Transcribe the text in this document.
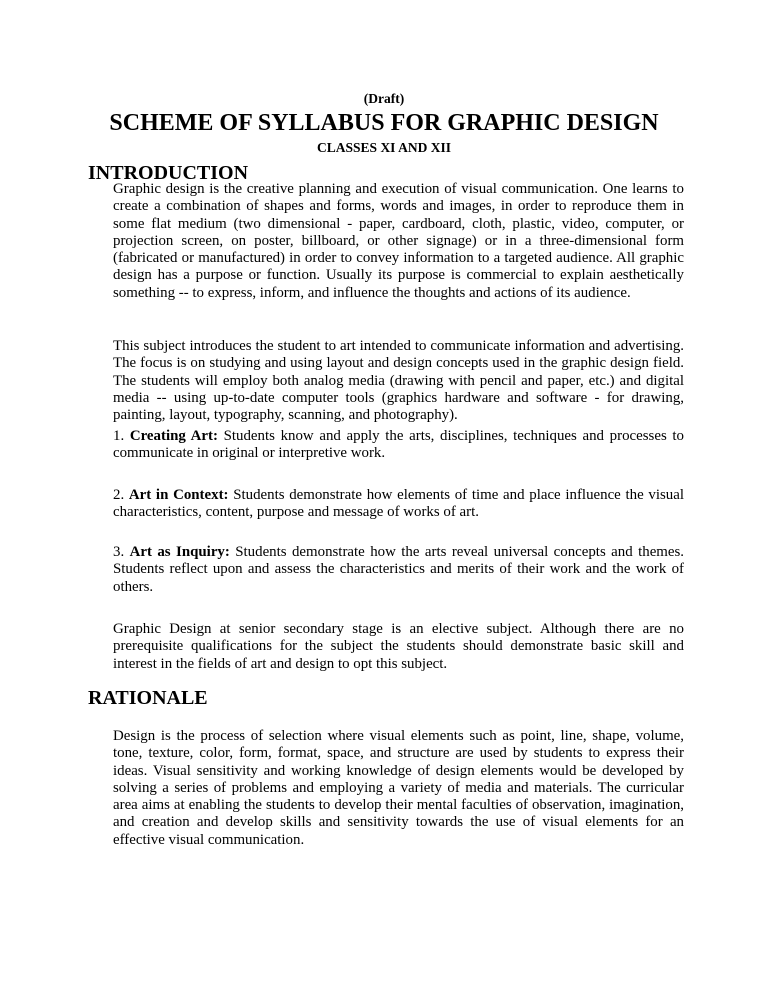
(Draft)
SCHEME OF SYLLABUS FOR GRAPHIC DESIGN
CLASSES XI AND XII
INTRODUCTION

Graphic design is the creative planning and execution of visual communication. One learns to create a combination of shapes and forms, words and images, in order to reproduce them in some flat medium (two dimensional - paper, cardboard, cloth, plastic, video, computer, or projection screen, on poster, billboard, or other signage) or in a three-dimensional form (fabricated or manufactured) in order to convey information to a targeted audience. All graphic design has a purpose or function. Usually its purpose is commercial to explain aesthetically something -- to express, inform, and influence the thoughts and actions of its audience.

This subject introduces the student to art intended to communicate information and advertising. The focus is on studying and using layout and design concepts used in the graphic design field. The students will employ both analog media (drawing with pencil and paper, etc.) and digital media -- using up-to-date computer tools (graphics hardware and software - for drawing, painting, layout, typography, scanning, and photography).

1. Creating Art: Students know and apply the arts, disciplines, techniques and processes to communicate in original or interpretive work.

2. Art in Context: Students demonstrate how elements of time and place influence the visual characteristics, content, purpose and message of works of art.

3. Art as Inquiry: Students demonstrate how the arts reveal universal concepts and themes. Students reflect upon and assess the characteristics and merits of their work and the work of others.

Graphic Design at senior secondary stage is an elective subject. Although there are no prerequisite qualifications for the subject the students should demonstrate basic skill and interest in the fields of art and design to opt this subject.

RATIONALE

Design is the process of selection where visual elements such as point, line, shape, volume, tone, texture, color, form, format, space, and structure are used by students to express their ideas. Visual sensitivity and working knowledge of design elements would be developed by solving a series of problems and employing a variety of media and materials. The curricular area aims at enabling the students to develop their mental faculties of observation, imagination, and creation and develop skills and sensitivity towards the use of visual elements for an effective visual communication.
